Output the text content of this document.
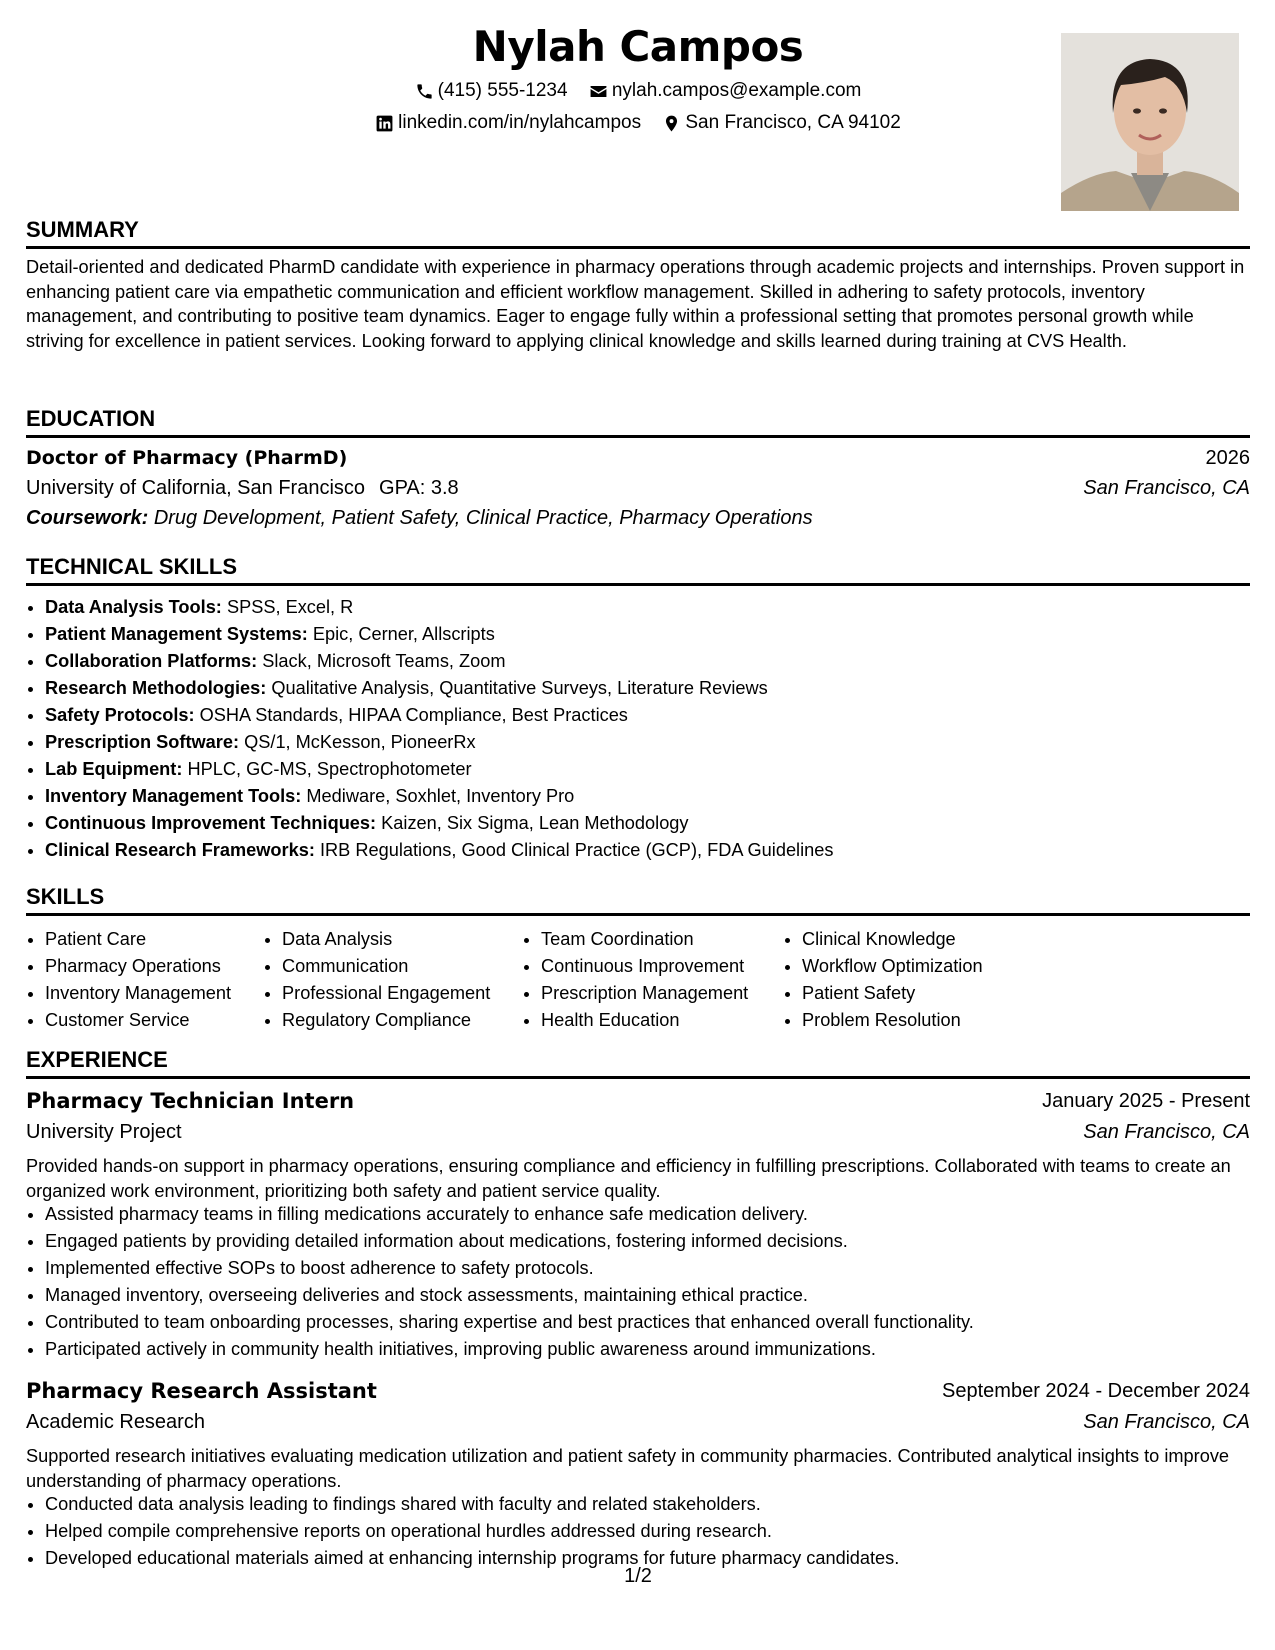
Nylah Campos
(415) 555-1234
nylah.campos@example.com
linkedin.com/in/nylahcampos
San Francisco, CA 94102
SUMMARY
Detail-oriented and dedicated PharmD candidate with experience in pharmacy operations through academic projects and internships. Proven support in enhancing patient care via empathetic communication and efficient workflow management. Skilled in adhering to safety protocols, inventory management, and contributing to positive team dynamics. Eager to engage fully within a professional setting that promotes personal growth while striving for excellence in patient services. Looking forward to applying clinical knowledge and skills learned during training at CVS Health.
EDUCATION
Doctor of Pharmacy (PharmD)	2026
University of California, San Francisco GPA: 3.8	San Francisco, CA
Coursework: Drug Development, Patient Safety, Clinical Practice, Pharmacy Operations
TECHNICAL SKILLS
• Data Analysis Tools: SPSS, Excel, R
• Patient Management Systems: Epic, Cerner, Allscripts
• Collaboration Platforms: Slack, Microsoft Teams, Zoom
• Research Methodologies: Qualitative Analysis, Quantitative Surveys, Literature Reviews
• Safety Protocols: OSHA Standards, HIPAA Compliance, Best Practices
• Prescription Software: QS/1, McKesson, PioneerRx
• Lab Equipment: HPLC, GC-MS, Spectrophotometer
• Inventory Management Tools: Mediware, Soxhlet, Inventory Pro
• Continuous Improvement Techniques: Kaizen, Six Sigma, Lean Methodology
• Clinical Research Frameworks: IRB Regulations, Good Clinical Practice (GCP), FDA Guidelines
SKILLS
• Patient Care
• Pharmacy Operations
• Inventory Management
• Customer Service
• Data Analysis
• Communication
• Professional Engagement
• Regulatory Compliance
• Team Coordination
• Continuous Improvement
• Prescription Management
• Health Education
• Clinical Knowledge
• Workflow Optimization
• Patient Safety
• Problem Resolution
EXPERIENCE
Pharmacy Technician Intern	January 2025 - Present
University Project	San Francisco, CA
Provided hands-on support in pharmacy operations, ensuring compliance and efficiency in fulfilling prescriptions. Collaborated with teams to create an organized work environment, prioritizing both safety and patient service quality.
• Assisted pharmacy teams in filling medications accurately to enhance safe medication delivery.
• Engaged patients by providing detailed information about medications, fostering informed decisions.
• Implemented effective SOPs to boost adherence to safety protocols.
• Managed inventory, overseeing deliveries and stock assessments, maintaining ethical practice.
• Contributed to team onboarding processes, sharing expertise and best practices that enhanced overall functionality.
• Participated actively in community health initiatives, improving public awareness around immunizations.
Pharmacy Research Assistant	September 2024 - December 2024
Academic Research	San Francisco, CA
Supported research initiatives evaluating medication utilization and patient safety in community pharmacies. Contributed analytical insights to improve understanding of pharmacy operations.
• Conducted data analysis leading to findings shared with faculty and related stakeholders.
• Helped compile comprehensive reports on operational hurdles addressed during research.
• Developed educational materials aimed at enhancing internship programs for future pharmacy candidates.
1/2
